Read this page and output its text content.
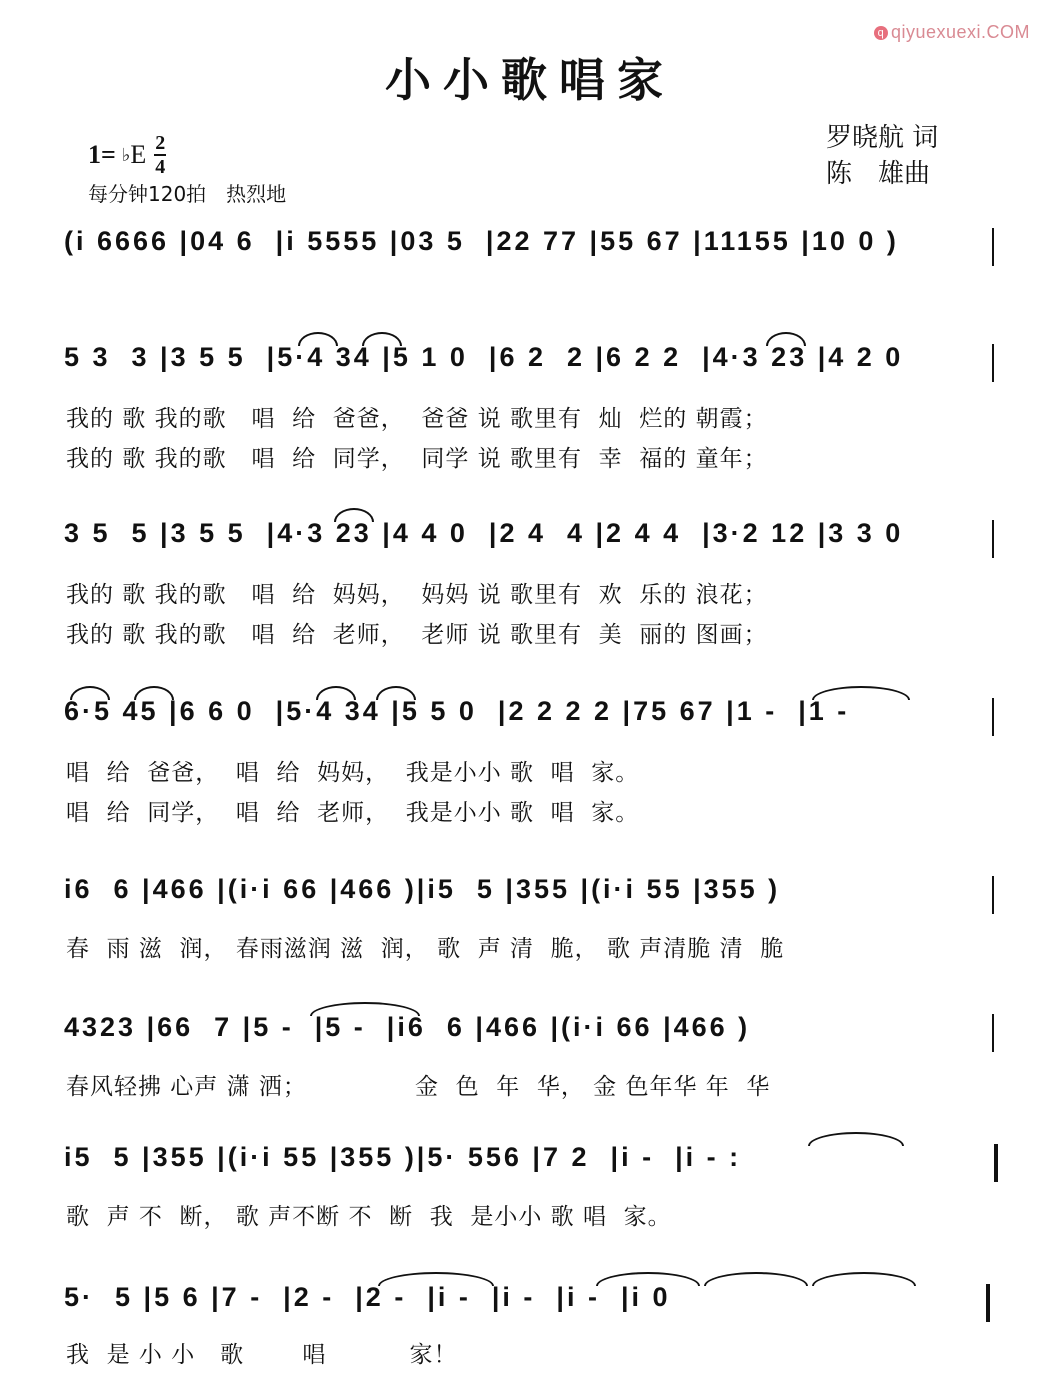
q qiyuexuexi.COM
小小歌唱家
1= ♭ E $\frac{2}{4}$
每分钟120拍　热烈地
罗晓航 词
陈　雄曲
(i 6666 |04 6  |i 5555 |03 5  |22 77 |55 67 |11155 |10 0 )
5 3  3 |3 5 5  |5·4 34 |5 1 0  |6 2  2 |6 2 2  |4·3 23 |4 2 0
我的 歌 我的歌   唱  给  爸爸，  爸爸 说 歌里有  灿  烂的 朝霞；
我的 歌 我的歌   唱  给  同学，  同学 说 歌里有  幸  福的 童年；
3 5  5 |3 5 5  |4·3 23 |4 4 0  |2 4  4 |2 4 4  |3·2 12 |3 3 0
我的 歌 我的歌   唱  给  妈妈，  妈妈 说 歌里有  欢  乐的 浪花；
我的 歌 我的歌   唱  给  老师，  老师 说 歌里有  美  丽的 图画；
6·5 45 |6 6 0  |5·4 34 |5 5 0  |2 2 2 2 |75 67 |1 -  |1 -
唱  给  爸爸，  唱  给  妈妈，  我是小小 歌  唱  家。
唱  给  同学，  唱  给  老师，  我是小小 歌  唱  家。
i6  6 |466 |(i·i 66 |466 )|i5  5 |355 |(i·i 55 |355 )
春  雨 滋  润， 春雨滋润 滋  润， 歌  声 清  脆， 歌 声清脆 清  脆
4323 |66  7 |5 -  |5 -  |i6  6 |466 |(i·i 66 |466 )
春风轻拂 心声 潇 洒；             金  色  年  华， 金 色年华 年  华
i5  5 |355 |(i·i 55 |355 )|5· 556 |7 2  |i -  |i - :
歌  声 不  断， 歌 声不断 不  断  我  是小小 歌 唱  家。
5·  5 |5 6 |7 -  |2 -  |2 -  |i -  |i -  |i -  |i 0
我  是 小 小   歌       唱          家！
